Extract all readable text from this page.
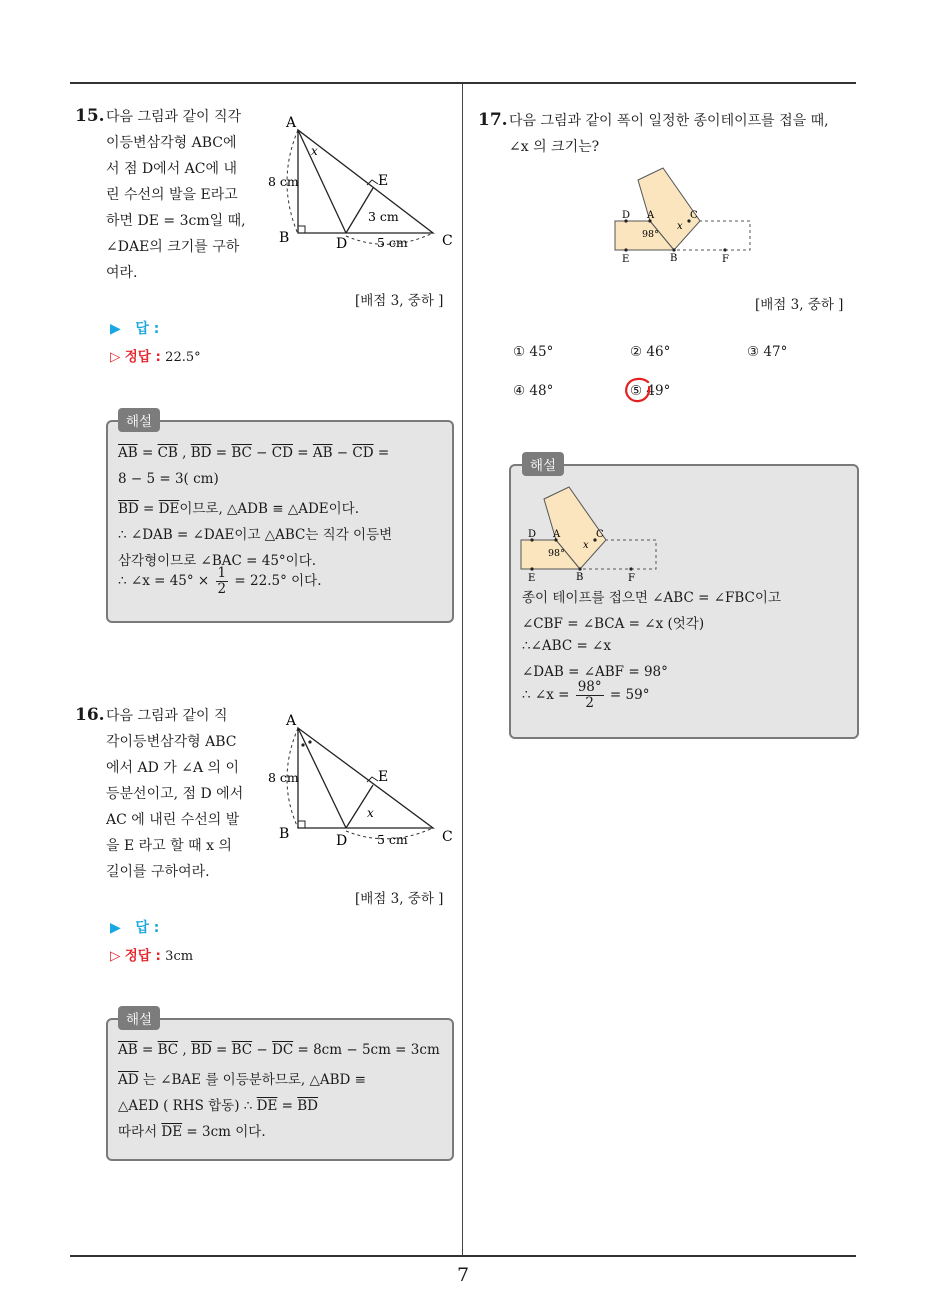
7
15. 다음 그림과 같이 직각
이등변삼각형 ABC에
서 점 D에서 AC에 내
린 수선의 발을 E라고
하면 DE = 3cm일 때,
∠DAE의 크기를 구하
여라.
A
x
E
8 cm
3 cm
B	D 5 cm C
[배점 3, 중하 ]
▶ 답 :
▷ 정답 : 22.5°
해설
$\overline{AB} = \overline{CB}$ , $\overline{BD} = \overline{BC} - \overline{CD} = \overline{AB} - \overline{CD}$ =
8 − 5 = 3( cm)
$\overline{BD} = \overline{DE}$이므로, △ADB ≡ △ADE이다.
∴ ∠DAB = ∠DAE이고 △ABC는 직각 이등변
삼각형이므로 ∠BAC = 45°이다.
∴ ∠x = $45^\circ \times \frac{1}{2} = 22.5^\circ$ 이다.
16. 다음 그림과 같이 직
각이등변삼각형 ABC
에서 AD 가 ∠A 의 이
등분선이고, 점 D 에서
AC 에 내린 수선의 발
을 E 라고 할 때 x 의
길이를 구하여라.
A
E
8 cm
x
B	D 5 cm C
[배점 3, 중하 ]
▶ 답 :
▷ 정답 : 3cm
해설
$\overline{AB} = \overline{BC}$ , $\overline{BD} = \overline{BC} - \overline{DC} = 8cm - 5cm = 3cm$
$\overline{AD}$ 는 ∠BAE 를 이등분하므로, △ABD ≡
△AED ( RHS 합동) ∴ $\overline{DE} = \overline{BD}$
따라서 $\overline{DE} = 3cm$ 이다.
17. 다음 그림과 같이 폭이 일정한 종이테이프를 접을 때,
∠x 의 크기는?
D A	C
98°
x
E	B	F
[배점 3, 중하 ]
① 45°	② 46°	③ 47°
④ 48°	⑤ 49°
해설
D A	C
98°
x
E	B	F
종이 테이프를 접으면 ∠ABC = ∠FBC이고
∠CBF = ∠BCA = ∠x (엇각)
∴∠ABC = ∠x
∠DAB = ∠ABF = 98°
∴ ∠x = $\frac{98^\circ}{2} = 59^\circ$
